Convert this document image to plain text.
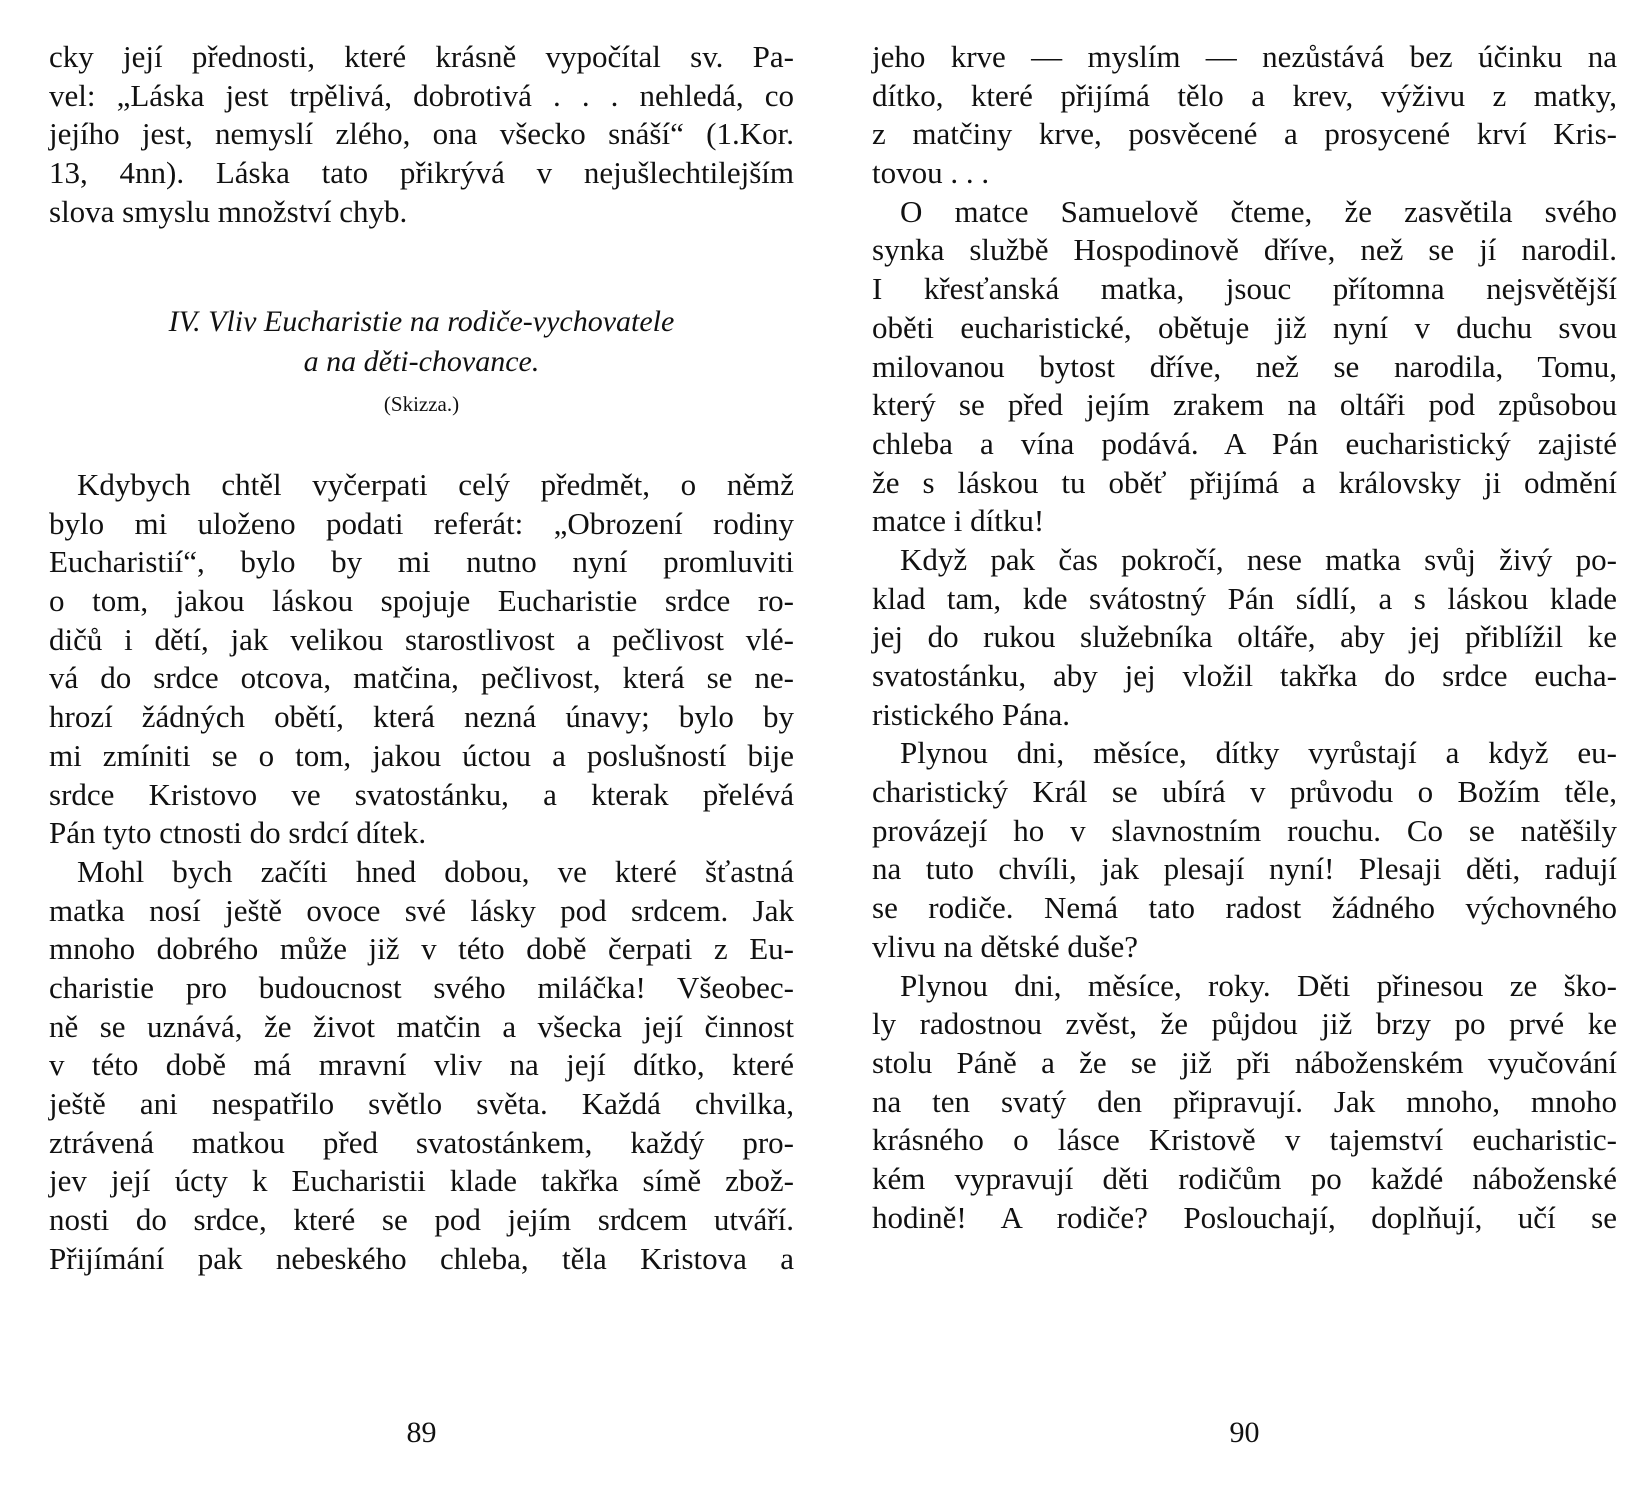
cky její přednosti, které krásně vypočítal sv. Pa-
vel: „Láska jest trpělivá, dobrotivá . . . nehledá, co
jejího jest, nemyslí zlého, ona všecko snáší“ (1.Kor.
13, 4nn). Láska tato přikrývá v nejušlechtilejším
slova smyslu množství chyb.
IV. Vliv Eucharistie na rodiče-vychovatele
a na děti-chovance.
(Skizza.)
Kdybych chtěl vyčerpati celý předmět, o němž
bylo mi uloženo podati referát: „Obrození rodiny
Eucharistií“, bylo by mi nutno nyní promluviti
o tom, jakou láskou spojuje Eucharistie srdce ro-
dičů i dětí, jak velikou starostlivost a pečlivost vlé-
vá do srdce otcova, matčina, pečlivost, která se ne-
hrozí žádných obětí, která nezná únavy; bylo by
mi zmíniti se o tom, jakou úctou a poslušností bije
srdce Kristovo ve svatostánku, a kterak přelévá
Pán tyto ctnosti do srdcí dítek.
Mohl bych začíti hned dobou, ve které šťastná
matka nosí ještě ovoce své lásky pod srdcem. Jak
mnoho dobrého může již v této době čerpati z Eu-
charistie pro budoucnost svého miláčka! Všeobec-
ně se uznává, že život matčin a všecka její činnost
v této době má mravní vliv na její dítko, které
ještě ani nespatřilo světlo světa. Každá chvilka,
ztrávená matkou před svatostánkem, každý pro-
jev její úcty k Eucharistii klade takřka símě zbož-
nosti do srdce, které se pod jejím srdcem utváří.
Přijímání pak nebeského chleba, těla Kristova a
89
jeho krve — myslím — nezůstává bez účinku na
dítko, které přijímá tělo a krev, výživu z matky,
z matčiny krve, posvěcené a prosycené krví Kris-
tovou . . .
O matce Samuelově čteme, že zasvětila svého
synka službě Hospodinově dříve, než se jí narodil.
I křesťanská matka, jsouc přítomna nejsvětější
oběti eucharistické, obětuje již nyní v duchu svou
milovanou bytost dříve, než se narodila, Tomu,
který se před jejím zrakem na oltáři pod způsobou
chleba a vína podává. A Pán eucharistický zajisté
že s láskou tu oběť přijímá a královsky ji odmění
matce i dítku!
Když pak čas pokročí, nese matka svůj živý po-
klad tam, kde svátostný Pán sídlí, a s láskou klade
jej do rukou služebníka oltáře, aby jej přiblížil ke
svatostánku, aby jej vložil takřka do srdce eucha-
ristického Pána.
Plynou dni, měsíce, dítky vyrůstají a když eu-
charistický Král se ubírá v průvodu o Božím těle,
provázejí ho v slavnostním rouchu. Co se natěšily
na tuto chvíli, jak plesají nyní! Plesaji děti, radují
se rodiče. Nemá tato radost žádného výchovného
vlivu na dětské duše?
Plynou dni, měsíce, roky. Děti přinesou ze ško-
ly radostnou zvěst, že půjdou již brzy po prvé ke
stolu Páně a že se již při náboženském vyučování
na ten svatý den připravují. Jak mnoho, mnoho
krásného o lásce Kristově v tajemství eucharistic-
kém vypravují děti rodičům po každé náboženské
hodině! A rodiče? Poslouchají, doplňují, učí se
90
